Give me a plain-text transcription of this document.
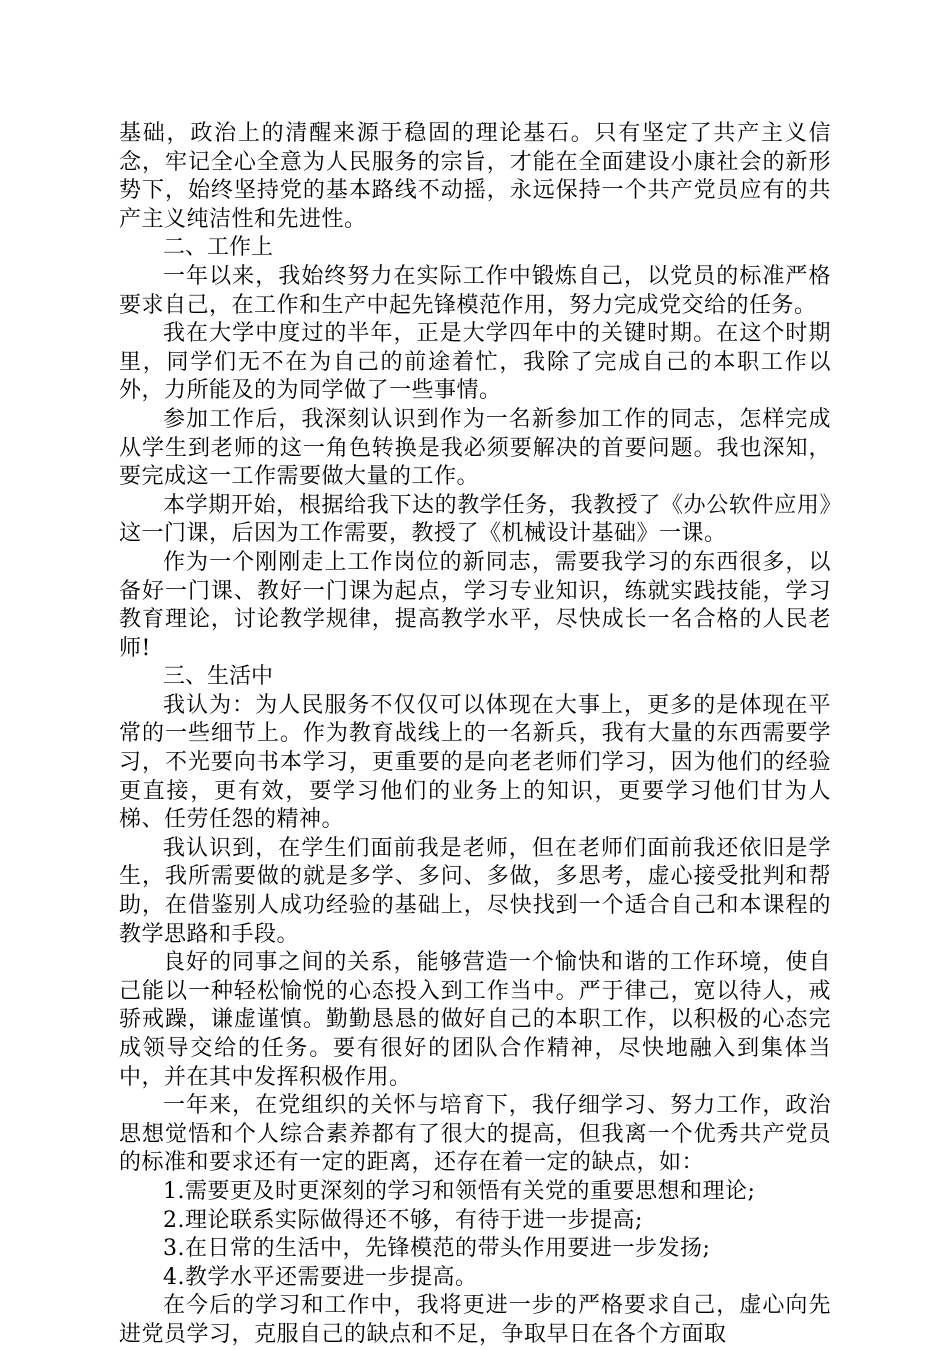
基础，政治上的清醒来源于稳固的理论基石。只有坚定了共产主义信念，牢记全心全意为人民服务的宗旨，才能在全面建设小康社会的新形势下，始终坚持党的基本路线不动摇，永远保持一个共产党员应有的共产主义纯洁性和先进性。

二、工作上

一年以来，我始终努力在实际工作中锻炼自己，以党员的标准严格要求自己，在工作和生产中起先锋模范作用，努力完成党交给的任务。

我在大学中度过的半年，正是大学四年中的关键时期。在这个时期里，同学们无不在为自己的前途着忙，我除了完成自己的本职工作以外，力所能及的为同学做了一些事情。

参加工作后，我深刻认识到作为一名新参加工作的同志，怎样完成从学生到老师的这一角色转换是我必须要解决的首要问题。我也深知，要完成这一工作需要做大量的工作。

本学期开始，根据给我下达的教学任务，我教授了《办公软件应用》这一门课，后因为工作需要，教授了《机械设计基础》一课。

作为一个刚刚走上工作岗位的新同志，需要我学习的东西很多，以备好一门课、教好一门课为起点，学习专业知识，练就实践技能，学习教育理论，讨论教学规律，提高教学水平，尽快成长一名合格的人民老师!

三、生活中

我认为：为人民服务不仅仅可以体现在大事上，更多的是体现在平常的一些细节上。作为教育战线上的一名新兵，我有大量的东西需要学习，不光要向书本学习，更重要的是向老老师们学习，因为他们的经验更直接，更有效，要学习他们的业务上的知识，更要学习他们甘为人梯、任劳任怨的精神。

我认识到，在学生们面前我是老师，但在老师们面前我还依旧是学生，我所需要做的就是多学、多问、多做，多思考，虚心接受批判和帮助，在借鉴别人成功经验的基础上，尽快找到一个适合自己和本课程的教学思路和手段。

良好的同事之间的关系，能够营造一个愉快和谐的工作环境，使自己能以一种轻松愉悦的心态投入到工作当中。严于律己，宽以待人，戒骄戒躁，谦虚谨慎。勤勤恳恳的做好自己的本职工作，以积极的心态完成领导交给的任务。要有很好的团队合作精神，尽快地融入到集体当中，并在其中发挥积极作用。

一年来，在党组织的关怀与培育下，我仔细学习、努力工作，政治思想觉悟和个人综合素养都有了很大的提高，但我离一个优秀共产党员的标准和要求还有一定的距离，还存在着一定的缺点，如：

1.需要更及时更深刻的学习和领悟有关党的重要思想和理论;

2.理论联系实际做得还不够，有待于进一步提高;

3.在日常的生活中，先锋模范的带头作用要进一步发扬;

4.教学水平还需要进一步提高。

在今后的学习和工作中，我将更进一步的严格要求自己，虚心向先进党员学习，克服自己的缺点和不足，争取早日在各个方面取
